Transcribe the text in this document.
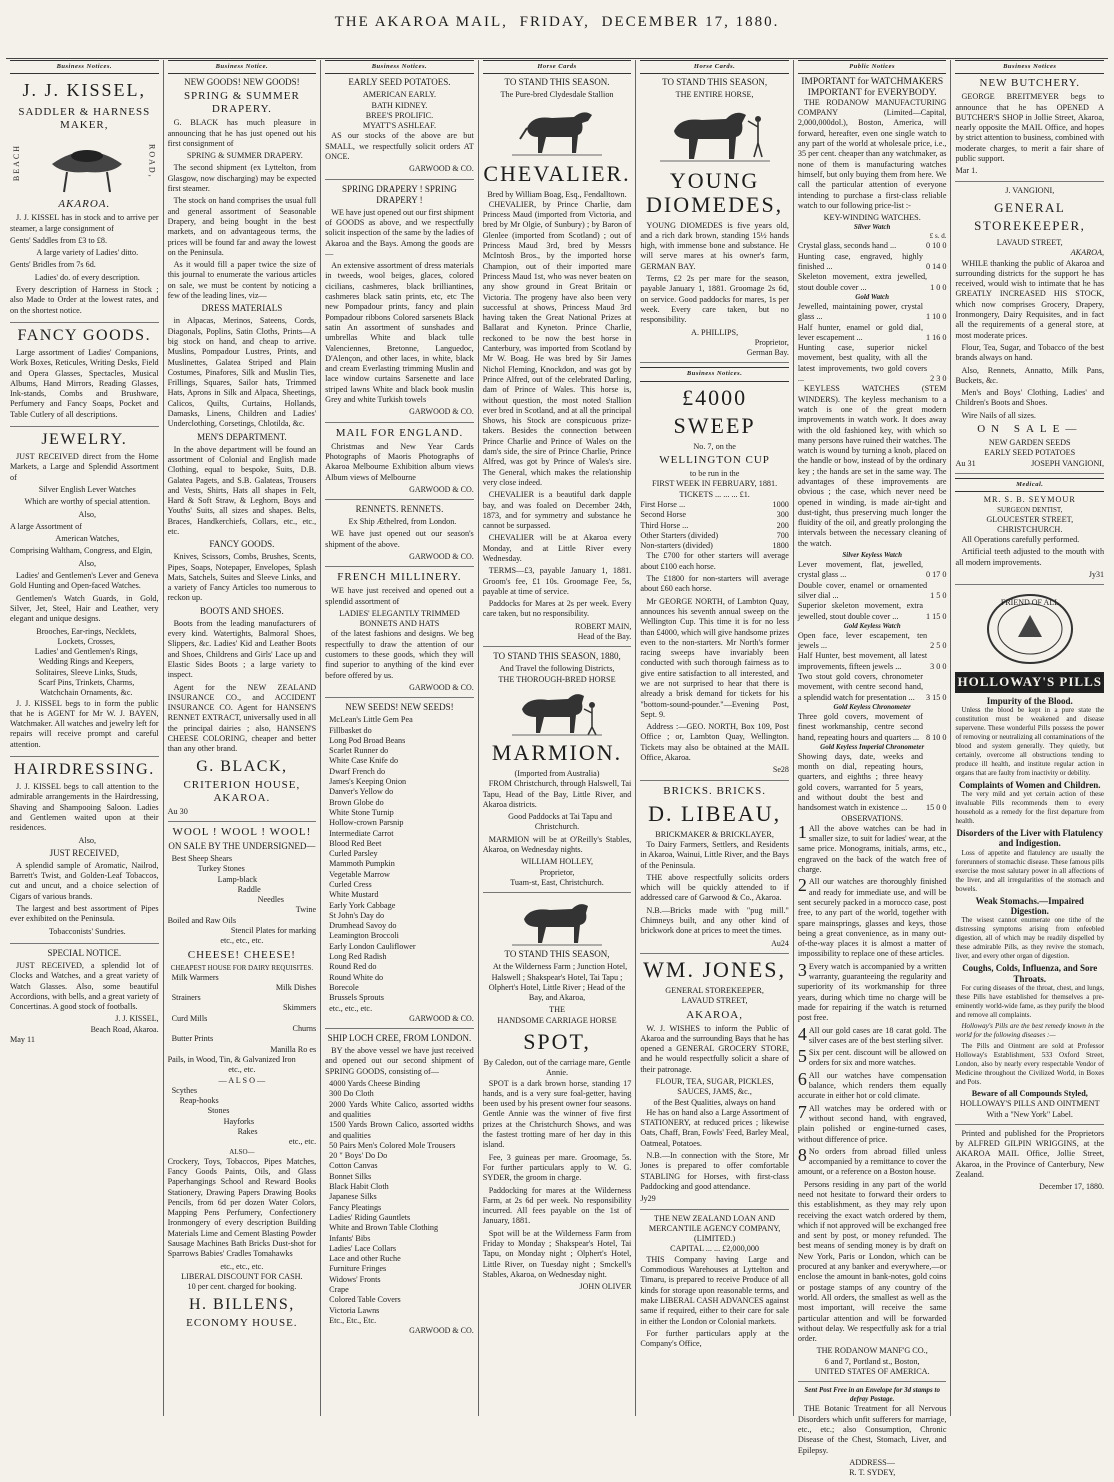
THE AKAROA MAIL, FRIDAY, DECEMBER 17, 1880.
Business Notices.
J. J. KISSEL,
SADDLER & HARNESS MAKER,
BEACH	ROAD,
AKAROA.

J. J. KISSEL has in stock and to arrive per steamer, a large consignment of

Gents' Saddles from £3 to £8.

A large variety of Ladies' ditto.

Gents' Bridles from 7s 6d.

Ladies' do. of every description.

Every description of Harness in Stock ; also Made to Order at the lowest rates, and on the shortest notice.

FANCY GOODS.

Large assortment of Ladies' Companions, Work Boxes, Reticules, Writing Desks, Field and Opera Glasses, Spectacles, Musical Albums, Hand Mirrors, Reading Glasses, Ink-stands, Combs and Brushware, Perfumery and Fancy Soaps, Pocket and Table Cutlery of all descriptions.

JEWELRY.

JUST RECEIVED direct from the Home Markets, a Large and Splendid Assortment of

Silver English Lever Watches

Which are worthy of special attention.

Also,

A large Assortment of

American Watches,

Comprising Waltham, Congress, and Elgin,

Also,

Ladies' and Gentlemen's Lever and Geneva Gold Hunting and Open-faced Watches.

Gentlemen's Watch Guards, in Gold, Silver, Jet, Steel, Hair and Leather, very elegant and unique designs.

Brooches, Ear-rings, Necklets,
Lockets, Crosses,
Ladies' and Gentlemen's Rings,
Wedding Rings and Keepers,
Solitaires, Sleeve Links, Studs,
Scarf Pins, Trinkets, Charms,
Watchchain Ornaments, &c.

J. J. KISSEL begs to in form the public that he is AGENT for Mr W. J. BAYEN, Watchmaker. All watches and jewelry left for repairs will receive prompt and careful attention.

HAIRDRESSING.

J. J. KISSEL begs to call attention to the admirable arrangements in the Hairdressing, Shaving and Shampooing Saloon. Ladies and Gentlemen waited upon at their residences.

Also,

JUST RECEIVED,

A splendid sample of Aromatic, Nailrod, Barrett's Twist, and Golden-Leaf Tobaccos, cut and uncut, and a choice selection of Cigars of various brands.

The largest and best assortment of Pipes ever exhibited on the Peninsula.

Tobacconists' Sundries.

SPECIAL NOTICE.

JUST RECEIVED, a splendid lot of Clocks and Watches, and a great variety of Watch Glasses. Also, some beautiful Accordions, with bells, and a great variety of Concertinas. A good stock of footballs.

J. J. KISSEL,
Beach Road, Akaroa.
May 11
Business Notice.
NEW GOODS! NEW GOODS!
SPRING & SUMMER DRAPERY.

G. BLACK has much pleasure in announcing that he has just opened out his first consignment of

SPRING & SUMMER DRAPERY.

The second shipment (ex Lyttelton, from Glasgow, now discharging) may be expected first steamer.

The stock on hand comprises the usual full and general assortment of Seasonable Drapery, and being bought in the best markets, and on advantageous terms, the prices will be found far and away the lowest on the Peninsula.

As it would fill a paper twice the size of this journal to enumerate the various articles on sale, we must be content by noticing a few of the leading lines, viz—

DRESS MATERIALS

in Alpacas, Merinos, Sateens, Cords, Diagonals, Poplins, Satin Cloths, Prints—A big stock on hand, and cheap to arrive. Muslins, Pompadour Lustres, Prints, and Muslinettes, Galatea Striped and Plain Costumes, Pinafores, Silk and Muslin Ties, Frillings, Squares, Sailor hats, Trimmed Hats, Aprons in Silk and Alpaca, Sheetings, Calicos, Quilts, Curtains, Hollands, Damasks, Linens, Children and Ladies' Underclothing, Corsetings, Chlotilda, &c.

MEN'S DEPARTMENT.

In the above department will be found an assortment of Colonial and English made Clothing, equal to bespoke, Suits, D.B. Galatea Pagets, and S.B. Galateas, Trousers and Vests, Shirts, Hats all shapes in Felt, Hard & Soft Straw, & Leghorn, Boys and Youths' Suits, all sizes and shapes. Belts, Braces, Handkerchiefs, Collars, etc., etc., etc.

FANCY GOODS.

Knives, Scissors, Combs, Brushes, Scents, Pipes, Soaps, Notepaper, Envelopes, Splash Mats, Satchels, Suites and Sleeve Links, and a variety of Fancy Articles too numerous to reckon up.

BOOTS AND SHOES.

Boots from the leading manufacturers of every kind. Watertights, Balmoral Shoes, Slippers, &c. Ladies' Kid and Leather Boots and Shoes, Childrens and Girls' Lace up and Elastic Sides Boots ; a large variety to inspect.

Agent for the NEW ZEALAND INSURANCE CO., and ACCIDENT INSURANCE CO. Agent for HANSEN'S RENNET EXTRACT, universally used in all the principal dairies ; also, HANSEN'S CHEESE COLORING, cheaper and better than any other brand.

G. BLACK,
CRITERION HOUSE, AKAROA.
Au 30
WOOL ! WOOL ! WOOL!
ON SALE BY THE UNDERSIGNED—
Best Sheep Shears
Turkey Stones
Lamp-black
Raddle
Needles
Twine
Boiled and Raw Oils
Stencil Plates for marking
etc., etc., etc.
CHEESE! CHEESE!
CHEAPEST HOUSE FOR DAIRY REQUISITES.
Milk Warmers
Milk Dishes
Strainers
Skimmers
Curd Mills
Churns
Butter Prints
Manilla Ro es
Pails, in Wood, Tin, & Galvanized Iron
etc., etc.
— A L S O —
Scythes
Reap-hooks
Stones
Hayforks
Rakes
etc., etc.
ALSO—

Crockery, Toys, Tobaccos, Pipes Matches, Fancy Goods Paints, Oils, and Glass Paperhangings School and Reward Books Stationery, Drawing Papers Drawing Books Pencils, from 6d per dozen Water Colors, Mapping Pens Perfumery, Confectionery Ironmongery of every description Building Materials Lime and Cement Blasting Powder Sausage Machines Bath Bricks Dust-shot for Sparrows Babies' Cradles Tomahawks

etc., etc., etc.
LIBERAL DISCOUNT FOR CASH.
10 per cent. charged for booking.
H. BILLENS,
ECONOMY HOUSE.
Business Notices.
EARLY SEED POTATOES.
AMERICAN EARLY.
BATH KIDNEY.
BREE'S PROLIFIC.
MYATT'S ASHLEAF.

AS our stocks of the above are but SMALL, we respectfully solicit orders AT ONCE.

GARWOOD & CO.
SPRING DRAPERY ! SPRING DRAPERY !

WE have just opened out our first shipment of GOODS as above, and we respectfully solicit inspection of the same by the ladies of Akaroa and the Bays. Among the goods are—

An extensive assortment of dress materials in tweeds, wool beiges, glaces, colored cicilians, cashmeres, black brilliantines, cashmeres black satin prints, etc, etc The new Pompadour prints, fancy and plain Pompadour ribbons Colored sarsenets Black satin An assortment of sunshades and umbrellas White and black tulle Valenciennes, Bretonne, Languedoc, D'Alençon, and other laces, in white, black and cream Everlasting trimming Muslin and lace window curtains Sarsenette and lace striped lawns White and black book muslin Grey and white Turkish towels

GARWOOD & CO.
MAIL FOR ENGLAND.

Christmas and New Year Cards Photographs of Maoris Photographs of Akaroa Melbourne Exhibition album views Album views of Melbourne

GARWOOD & CO.
RENNETS. RENNETS.

Ex Ship Æthelred, from London.

WE have just opened out our season's shipment of the above.

GARWOOD & CO.
FRENCH MILLINERY.

WE have just received and opened out a splendid assortment of

LADIES' ELEGANTLY TRIMMED BONNETS AND HATS

of the latest fashions and designs. We beg respectfully to draw the attention of our customers to these goods, which they will find superior to anything of the kind ever before offered by us.

GARWOOD & CO.
NEW SEEDS! NEW SEEDS!
McLean's Little Gem Pea
Fillbasket do
Long Pod Broad Beans
Scarlet Runner do
White Case Knife do
Dwarf French do
James's Keeping Onion
Danver's Yellow do
Brown Globe do
White Stone Turnip
Hollow-crown Parsnip
Intermediate Carrot
Blood Red Beet
Curled Parsley
Mammoth Pumpkin
Vegetable Marrow
Curled Cress
White Mustard
Early York Cabbage
St John's Day do
Drumhead Savoy do
Leamington Broccoli
Early London Cauliflower
Long Red Radish
Round Red do
Round White do
Borecole
Brussels Sprouts
etc., etc., etc.
GARWOOD & CO.
SHIP LOCH CREE, FROM LONDON.

BY the above vessel we have just received and opened out our second shipment of SPRING GOODS, consisting of—

4000 Yards Cheese Binding
300 Do Cloth
2000 Yards White Calico, assorted widths and qualities
1500 Yards Brown Calico, assorted widths and qualities
50 Pairs Men's Colored Mole Trousers
20 " Boys' Do Do
Cotton Canvas
Bonnet Silks
Black Habit Cloth
Japanese Silks
Fancy Pleatings
Ladies' Riding Gauntlets
White and Brown Table Clothing
Infants' Bibs
Ladies' Lace Collars
Lace and other Ruche
Furniture Fringes
Widows' Fronts
Crape
Colored Table Covers
Victoria Lawns
Etc., Etc., Etc.
GARWOOD & CO.
Horse Cards
TO STAND THIS SEASON.
The Pure-bred Clydesdale Stallion
CHEVALIER.
Bred by William Boag, Esq., Fendalltown.

CHEVALIER, by Prince Charlie, dam Princess Maud (imported from Victoria, and bred by Mr Olgie, of Sunbury) ; by Baron of Glenlee (imported from Scotland) ; out of Princess Maud 3rd, bred by Messrs McIntosh Bros., by the imported horse Champion, out of their imported mare Princess Maud 1st, who was never beaten on any show ground in Great Britain or Victoria. The progeny have also been very successful at shows, Princess Maud 3rd having taken the Great National Prizes at Ballarat and Kyneton. Prince Charlie, reckoned to be now the best horse in Canterbury, was imported from Scotland by Mr W. Boag. He was bred by Sir James Nichol Fleming, Knockdon, and was got by Prince Alfred, out of the celebrated Darling, dam of Prince of Wales. This horse is, without question, the most noted Stallion ever bred in Scotland, and at all the principal Shows, his Stock are conspicuous prize-takers. Besides the connection between Prince Charlie and Prince of Wales on the dam's side, the sire of Prince Charlie, Prince Alfred, was got by Prince of Wales's sire. The General, which makes the relationship very close indeed.

CHEVALIER is a beautiful dark dapple bay, and was foaled on December 24th, 1873, and for symmetry and substance he cannot be surpassed.

CHEVALIER will be at Akaroa every Monday, and at Little River every Wednesday.

TERMS—£3, payable January 1, 1881. Groom's fee, £1 10s. Groomage Fee, 5s, payable at time of service.

Paddocks for Mares at 2s per week. Every care taken, but no responsibility.

ROBERT MAIN,
Head of the Bay.
TO STAND THIS SEASON, 1880,
And Travel the following Districts,
THE THOROUGH-BRED HORSE
MARMION.
(Imported from Australia)

FROM Christchurch, through Halswell, Tai Tapu, Head of the Bay, Little River, and Akaroa districts.

Good Paddocks at Tai Tapu and Christchurch.

MARMION will be at O'Reilly's Stables, Akaroa, on Wednesday nights.

WILLIAM HOLLEY,
Proprietor,
Tuam-st, East, Christchurch.
TO STAND THIS SEASON,

At the Wilderness Farm ; Junction Hotel, Halswell ; Shakspear's Hotel, Tai Tapu ; Olphert's Hotel, Little River ; Head of the Bay, and Akaroa,

THE
HANDSOME CARRIAGE HORSE
SPOT,
By Caledon, out of the carriage mare, Gentle Annie.

SPOT is a dark brown horse, standing 17 hands, and is a very sure foal-getter, having been used by his present owner four seasons. Gentle Annie was the winner of five first prizes at the Christchurch Shows, and was the fastest trotting mare of her day in this island.

Fee, 3 guineas per mare. Groomage, 5s. For further particulars apply to W. G. SYDER, the groom in charge.

Paddocking for mares at the Wilderness Farm, at 2s 6d per week. No responsibility incurred. All fees payable on the 1st of January, 1881.

Spot will be at the Wilderness Farm from Friday to Monday ; Shakspear's Hotel, Tai Tapu, on Monday night ; Olphert's Hotel, Little River, on Tuesday night ; Smckell's Stables, Akaroa, on Wednesday night.

JOHN OLIVER
Horse Cards.
TO STAND THIS SEASON,
THE ENTIRE HORSE,
YOUNG DIOMEDES,

YOUNG DIOMEDES is five years old, and a rich dark brown, standing 15½ hands high, with immense bone and substance. He will serve mares at his owner's farm, GERMAN BAY.

Terms, £2 2s per mare for the season, payable January 1, 1881. Groomage 2s 6d, on service. Good paddocks for mares, 1s per week. Every care taken, but no responsibility.

A. PHILLIPS,
Proprietor,
German Bay.
Business Notices.
£4000
SWEEP
No. 7, on the
WELLINGTON CUP
to be run in the
FIRST WEEK IN FEBRUARY, 1881.
TICKETS ... ... ... £1.
First Horse ...	1000
Second Horse	300
Third Horse ...	200
Other Starters (divided)	700
Non-starters (divided)	1800

The £700 for other starters will average about £100 each horse.

The £1800 for non-starters will average about £60 each horse.

Mr GEORGE NORTH, of Lambton Quay, announces his seventh annual sweep on the Wellington Cup. This time it is for no less than £4000, which will give handsome prizes even to the non-starters. Mr North's former racing sweeps have invariably been conducted with such thorough fairness as to give entire satisfaction to all interested, and we are not surprised to hear that there is already a brisk demand for tickets for his "bottom-sound-pounder."—Evening Post, Sept. 9.

Address :—GEO. NORTH, Box 109, Post Office ; or, Lambton Quay, Wellington. Tickets may also be obtained at the MAIL Office, Akaroa.

Se28
BRICKS. BRICKS.
D. LIBEAU,
BRICKMAKER & BRICKLAYER,

To Dairy Farmers, Settlers, and Residents in Akaroa, Wainui, Little River, and the Bays of the Peninsula.

THE above respectfully solicits orders which will be quickly attended to if addressed care of Garwood & Co., Akaroa.

N.B.—Bricks made with "pug mill." Chimneys built, and any other kind of brickwork done at prices to meet the times.

Au24
WM. JONES,
GENERAL STOREKEEPER,
LAVAUD STREET,
AKAROA,

W. J. WISHES to inform the Public of Akaroa and the surrounding Bays that he has opened a GENERAL GROCERY STORE, and he would respectfully solicit a share of their patronage.

FLOUR, TEA, SUGAR, PICKLES, SAUCES, JAMS, &c.,
of the Best Qualities, always on hand

He has on hand also a Large Assortment of STATIONERY, at reduced prices ; likewise Oats, Chaff, Bran, Fowls' Feed, Barley Meal, Oatmeal, Potatoes.

N.B.—In connection with the Store, Mr Jones is prepared to offer comfortable STABLING for Horses, with first-class Paddocking and good attendance.

Jy29
THE NEW ZEALAND LOAN AND MERCANTILE AGENCY COMPANY,
(LIMITED.)
CAPITAL ... ... £2,000,000

THIS Company having Large and Commodious Warehouses at Lyttelton and Timaru, is prepared to receive Produce of all kinds for storage upon reasonable terms, and make LIBERAL CASH ADVANCES against same if required, either to their care for sale in either the London or Colonial markets.

For further particulars apply at the Company's Office,

Public Notices
IMPORTANT for WATCHMAKERS
IMPORTANT for EVERYBODY.

THE RODANOW MANUFACTURING COMPANY (Limited—Capital, 2,000,000dol.), Boston, America, will forward, hereafter, even one single watch to any part of the world at wholesale price, i.e., 35 per cent. cheaper than any watchmaker, as none of them is manufacturing watches himself, but only buying them from here. We call the particular attention of everyone intending to purchase a first-class reliable watch to our following price-list :-

KEY-WINDING WATCHES.
Silver Watch
£ s. d.
Crystal glass, seconds hand ...	0 10 0
Hunting case, engraved, highly finished ...	0 14 0
Skeleton movement, extra jewelled, stout double cover ...	1 0 0
Gold Watch
Jewelled, maintaining power, crystal glass ...	1 10 0
Half hunter, enamel or gold dial, lever escapement ...	1 16 0
Hunting case, superior nickel movement, best quality, with all the latest improvements, two gold covers ...	2 3 0

KEYLESS WATCHES (STEM WINDERS). The keyless mechanism to a watch is one of the great modern improvements in watch work. It does away with the old fashioned key, with which so many persons have ruined their watches. The watch is wound by turning a knob, placed on the handle or bow, instead of by the ordinary key ; the hands are set in the same way. The advantages of these improvements are obvious ; the case, which never need be opened in winding, is made air-tight and dust-tight, thus preserving much longer the fluidity of the oil, and greatly prolonging the intervals between the necessary cleaning of the watch.

Silver Keyless Watch
Lever movement, flat, jewelled, crystal glass ...	0 17 0
Double cover, enamel or ornamented silver dial ...	1 5 0
Superior skeleton movement, extra jewelled, stout double cover ...	1 15 0
Gold Keyless Watch
Open face, lever escapement, ten jewels ...	2 5 0
Half Hunter, best movement, all latest improvements, fifteen jewels ...	3 0 0
Two stout gold covers, chronometer movement, with centre second hand, a splendid watch for presentation ...	3 15 0
Gold Keyless Chronometer
Three gold covers, movement of finest workmanship, centre second hand, repeating hours and quarters ... 8 10 0
Gold Keyless Imperial Chronometer
Showing days, date, weeks and month on dial, repeating hours, quarters, and eighths ; three heavy gold covers, warranted for 5 years, and without doubt the best and handsomest watch in existence ...	15 0 0
OBSERVATIONS.

1 All the above watches can be had in smaller size, to suit for ladies' wear, at the same price. Monograms, initials, arms, etc., engraved on the back of the watch free of charge.

2 All our watches are thoroughly finished and ready for immediate use, and will be sent securely packed in a morocco case, post free, to any part of the world, together with spare mainsprings, glasses and keys, those being a great convenience, as in many out-of-the-way places it is almost a matter of impossibility to replace one of these articles.

3 Every watch is accompanied by a written warranty, guaranteeing the regularity and superiority of its workmanship for three years, during which time no charge will be made for repairing if the watch is returned post free.

4 All our gold cases are 18 carat gold. The silver cases are of the best sterling silver.

5 Six per cent. discount will be allowed on orders for six and more watches.

6 All our watches have compensation balance, which renders them equally accurate in either hot or cold climate.

7 All watches may be ordered with or without second hand, with engraved, plain polished or engine-turned cases, without difference of price.

8 No orders from abroad filled unless accompanied by a remittance to cover the amount, or a reference on a Boston house.

Persons residing in any part of the world need not hesitate to forward their orders to this establishment, as they may rely upon receiving the exact watch ordered by them, which if not approved will be exchanged free and sent by post, or money refunded. The best means of sending money is by draft on New York, Paris or London, which can be procured at any banker and everywhere,—or enclose the amount in bank-notes, gold coins or postage stamps of any country of the world. All orders, the smallest as well as the most important, will receive the same particular attention and will be forwarded without delay. We respectfully ask for a trial order.

THE RODANOW MANF'G CO.,
6 and 7, Portland st., Boston,
UNITED STATES OF AMERICA.
Sent Post Free in an Envelope for 3d stamps to defray Postage.

THE Botanic Treatment for all Nervous Disorders which unfit sufferers for marriage, etc., etc.; also Consumption, Chronic Disease of the Chest, Stomach, Liver, and Epilepsy.

ADDRESS—
R. T. SYDEY,
Business Notices
NEW BUTCHERY.

GEORGE BREITMEYER begs to announce that he has OPENED A BUTCHER'S SHOP in Jollie Street, Akaroa, nearly opposite the MAIL Office, and hopes by strict attention to business, combined with moderate charges, to merit a fair share of public support.

Mar 1.
J. VANGIONI,
GENERAL STOREKEEPER,
LAVAUD STREET,
AKAROA,

WHILE thanking the public of Akaroa and surrounding districts for the support he has received, would wish to intimate that he has GREATLY INCREASED HIS STOCK, which now comprises Grocery, Drapery, Ironmongery, Dairy Requisites, and in fact all the requirements of a general store, at most moderate prices.

Flour, Tea, Sugar, and Tobacco of the best brands always on hand.

Also, Rennets, Annatto, Milk Pans, Buckets, &c.

Men's and Boys' Clothing, Ladies' and Children's Boots and Shoes.

Wire Nails of all sizes.

ON SALE—
NEW GARDEN SEEDS
EARLY SEED POTATOES
Au 31	JOSEPH VANGIONI,
Medical.
MR. S. B. SEYMOUR
SURGEON DENTIST,
GLOUCESTER STREET,
CHRISTCHURCH.

All Operations carefully performed.

Artificial teeth adjusted to the mouth with all modern improvements.

Jy31
FRIEND OF ALL
HOLLOWAY'S PILLS
Impurity of the Blood.

Unless the blood be kept in a pure state the constitution must be weakened and disease supervene. These wonderful Pills possess the power of removing or neutralizing all contaminations of the blood and system generally. They quietly, but certainly, overcome all obstructions tending to produce ill health, and institute regular action in organs that are faulty from inactivity or debility.

Complaints of Women and Children.

The very mild and yet certain action of these invaluable Pills recommends them to every household as a remedy for the first departure from health.

Disorders of the Liver with Flatulency and Indigestion.

Loss of appetite and flatulency are usually the forerunners of stomachic disease. These famous pills exercise the most salutary power in all affections of the liver, and all irregularities of the stomach and bowels.

Weak Stomachs.—Impaired Digestion.

The wisest cannot enumerate one tithe of the distressing symptoms arising from enfeebled digestion, all of which may be readily dispelled by these admirable Pills, as they revive the stomach, liver, and every other organ of digestion.

Coughs, Colds, Influenza, and Sore Throats.

For curing diseases of the throat, chest, and lungs, these Pills have established for themselves a pre-eminently world-wide fame, as they purify the blood and remove all complaints.

Holloway's Pills are the best remedy known in the world for the following diseases :—

The Pills and Ointment are sold at Professor Holloway's Establishment, 533 Oxford Street, London, also by nearly every respectable Vendor of Medicine throughout the Civilized World, in Boxes and Pots.

Beware of all Compounds Styled,
HOLLOWAY'S PILLS AND OINTMENT
With a "New York" Label.

Printed and published for the Proprietors by ALFRED GILPIN WRIGGINS, at the AKAROA MAIL Office, Jollie Street, Akaroa, in the Province of Canterbury, New Zealand.

December 17, 1880.
